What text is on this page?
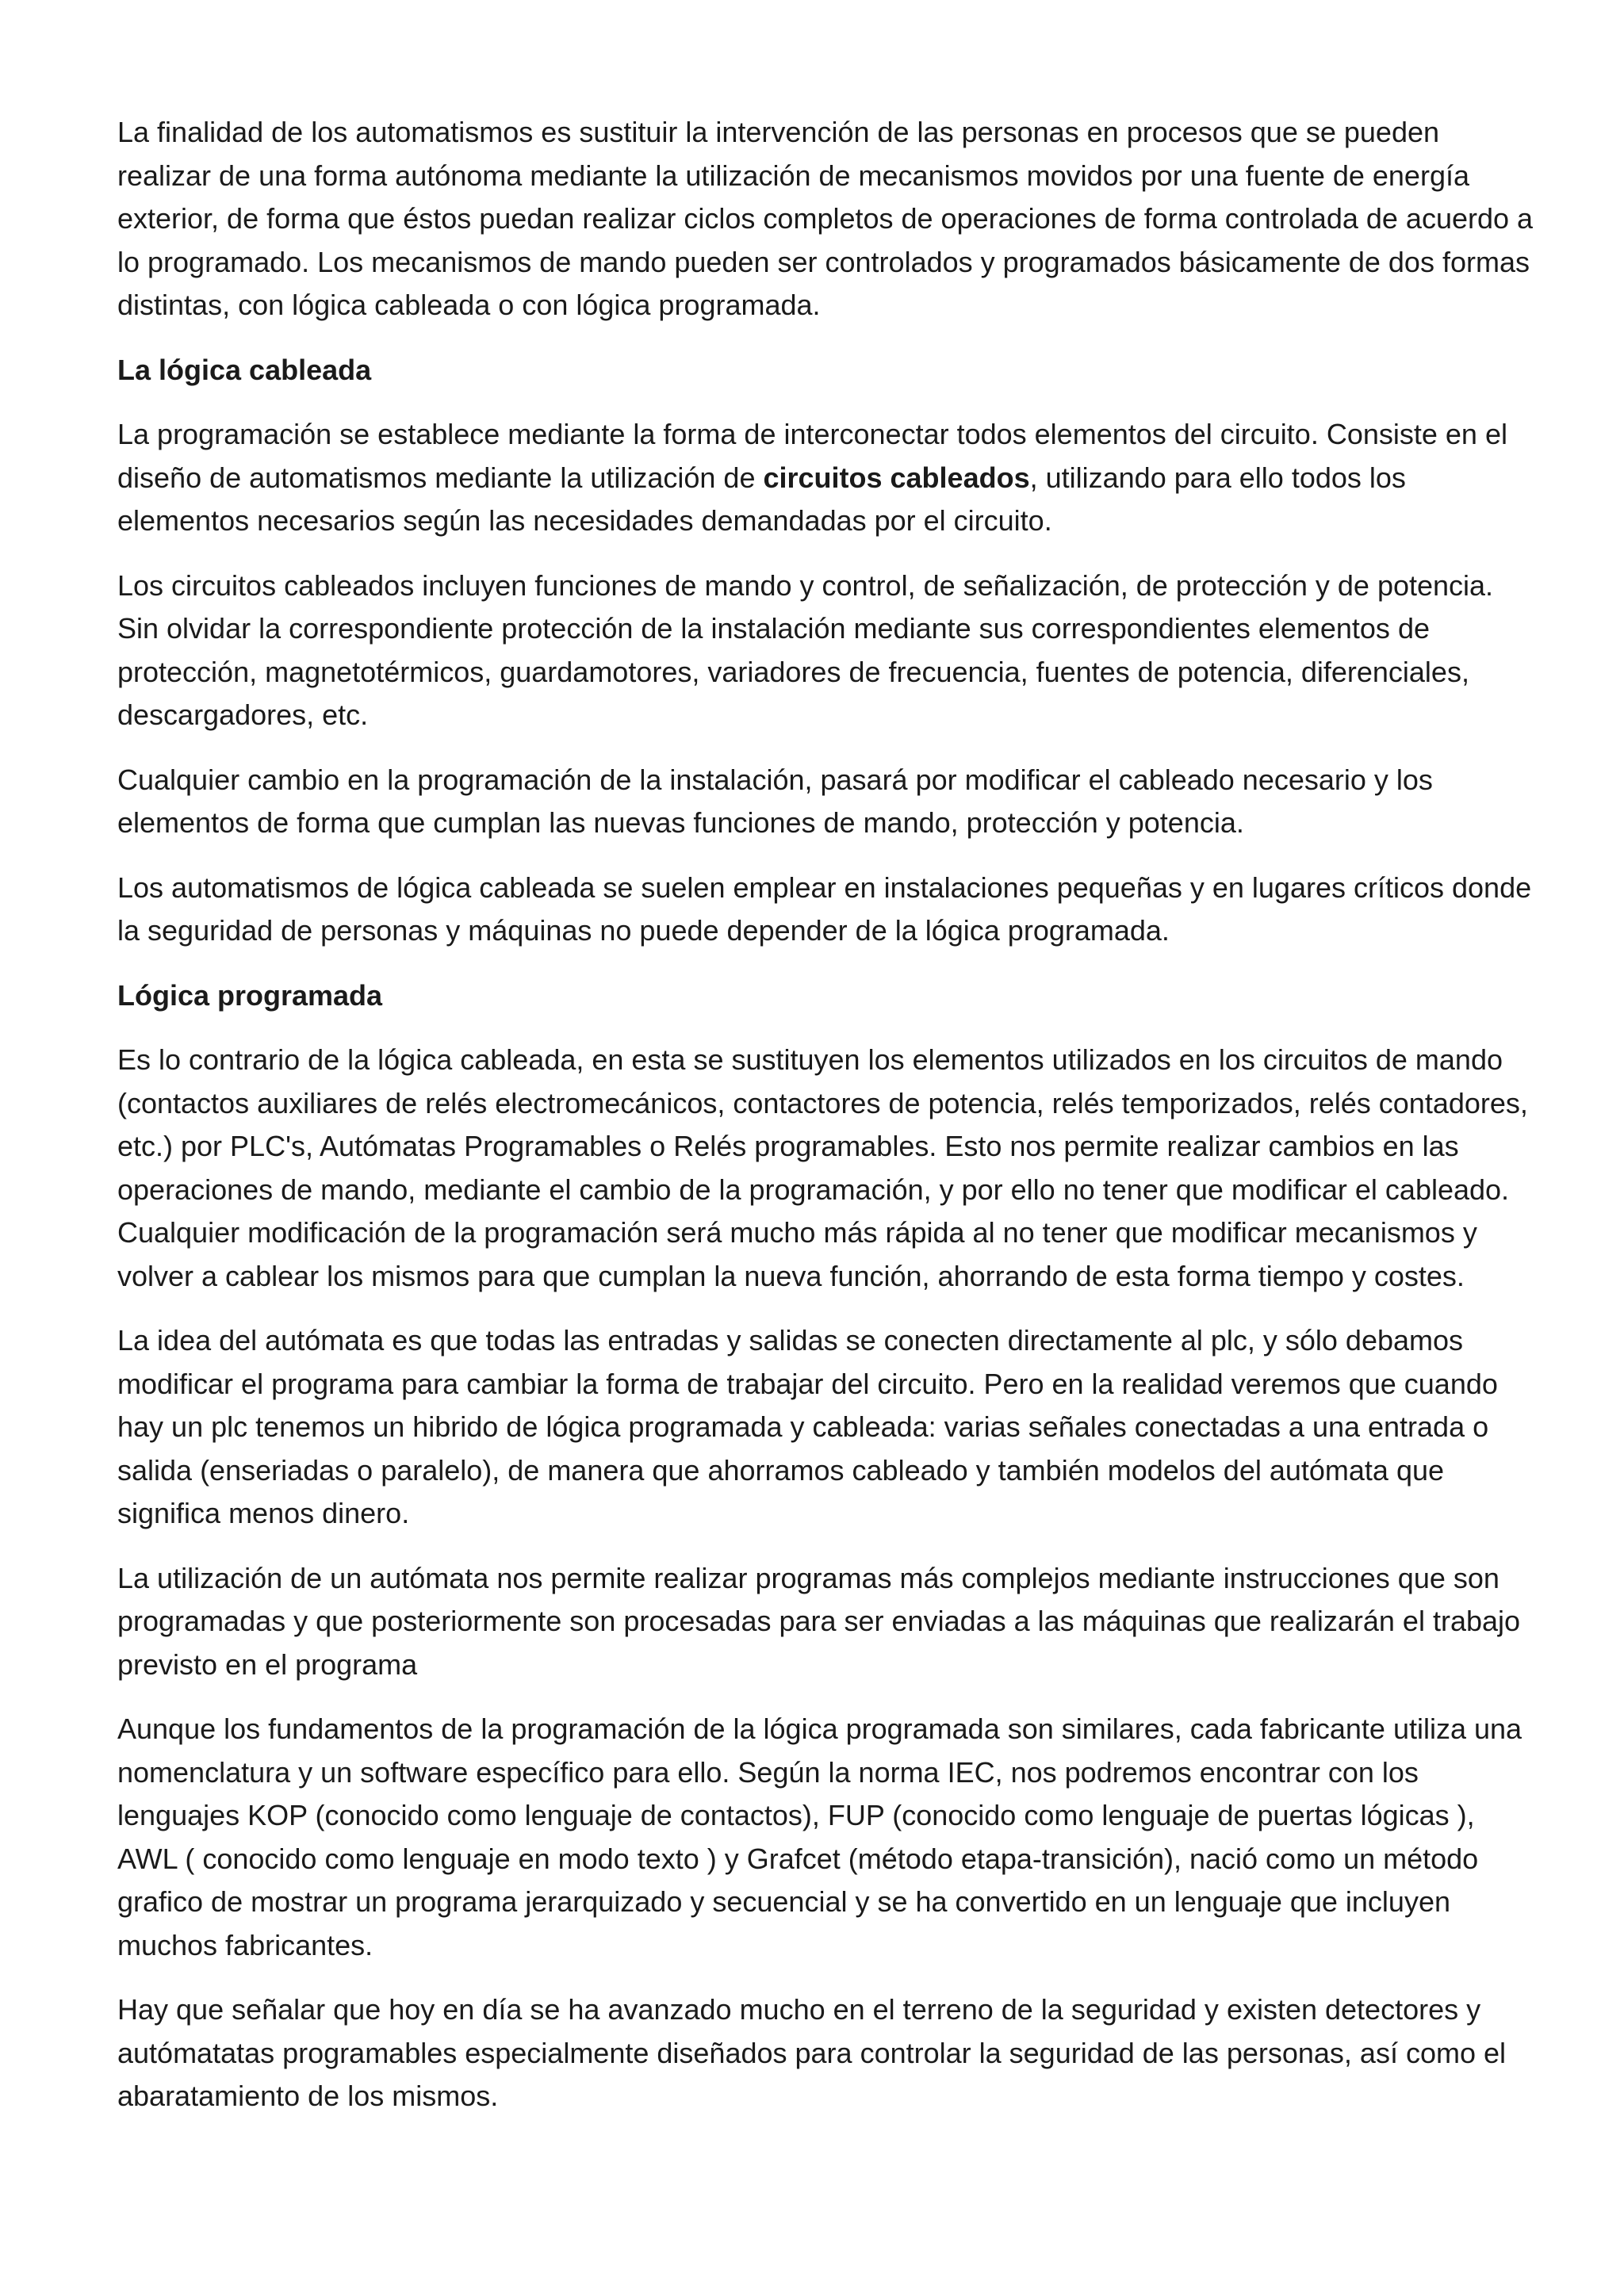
La finalidad de los automatismos es sustituir la intervención de las personas en procesos que se pueden realizar de una forma autónoma mediante la utilización de mecanismos movidos por una fuente de energía exterior, de forma que éstos puedan realizar ciclos completos de operaciones de forma controlada de acuerdo a lo programado. Los mecanismos de mando pueden ser controlados y programados básicamente de dos formas distintas, con lógica cableada o con lógica programada.

La lógica cableada

La programación se establece mediante la forma de interconectar todos elementos del circuito. Consiste en el diseño de automatismos mediante la utilización de circuitos cableados, utilizando para ello todos los elementos necesarios según las necesidades demandadas por el circuito.

Los circuitos cableados incluyen funciones de mando y control, de señalización, de protección y de potencia. Sin olvidar la correspondiente protección de la instalación mediante sus correspondientes elementos de protección, magnetotérmicos, guardamotores, variadores de frecuencia, fuentes de potencia, diferenciales, descargadores, etc.

Cualquier cambio en la programación de la instalación, pasará por modificar el cableado necesario y los elementos de forma que cumplan las nuevas funciones de mando, protección y potencia.

Los automatismos de lógica cableada se suelen emplear en instalaciones pequeñas y en lugares críticos donde la seguridad de personas y máquinas no puede depender de la lógica programada.

Lógica programada

Es lo contrario de la lógica cableada, en esta se sustituyen los elementos utilizados en los circuitos de mando (contactos auxiliares de relés electromecánicos, contactores de potencia, relés temporizados, relés contadores, etc.) por PLC's, Autómatas Programables o Relés programables. Esto nos permite realizar cambios en las operaciones de mando, mediante el cambio de la programación, y por ello no tener que modificar el cableado. Cualquier modificación de la programación será mucho más rápida al no tener que modificar mecanismos y volver a cablear los mismos para que cumplan la nueva función, ahorrando de esta forma tiempo y costes.

La idea del autómata es que todas las entradas y salidas se conecten directamente al plc, y sólo debamos modificar el programa para cambiar la forma de trabajar del circuito. Pero en la realidad veremos que cuando hay un plc tenemos un hibrido de lógica programada y cableada: varias señales conectadas a una entrada o salida (enseriadas o paralelo), de manera que ahorramos cableado y también modelos del autómata que significa menos dinero.

La utilización de un autómata nos permite realizar programas más complejos mediante instrucciones que son programadas y que posteriormente son procesadas para ser enviadas a las máquinas que realizarán el trabajo previsto en el programa

Aunque los fundamentos de la programación de la lógica programada son similares, cada fabricante utiliza una nomenclatura y un software específico para ello. Según la norma IEC, nos podremos encontrar con los lenguajes KOP (conocido como lenguaje de contactos), FUP (conocido como lenguaje de puertas lógicas ), AWL ( conocido como lenguaje en modo texto ) y Grafcet (método etapa-transición), nació como un método grafico de mostrar un programa jerarquizado y secuencial y se ha convertido en un lenguaje que incluyen muchos fabricantes.

Hay que señalar que hoy en día se ha avanzado mucho en el terreno de la seguridad y existen detectores y autómatatas programables especialmente diseñados para controlar la seguridad de las personas, así como el abaratamiento de los mismos.
